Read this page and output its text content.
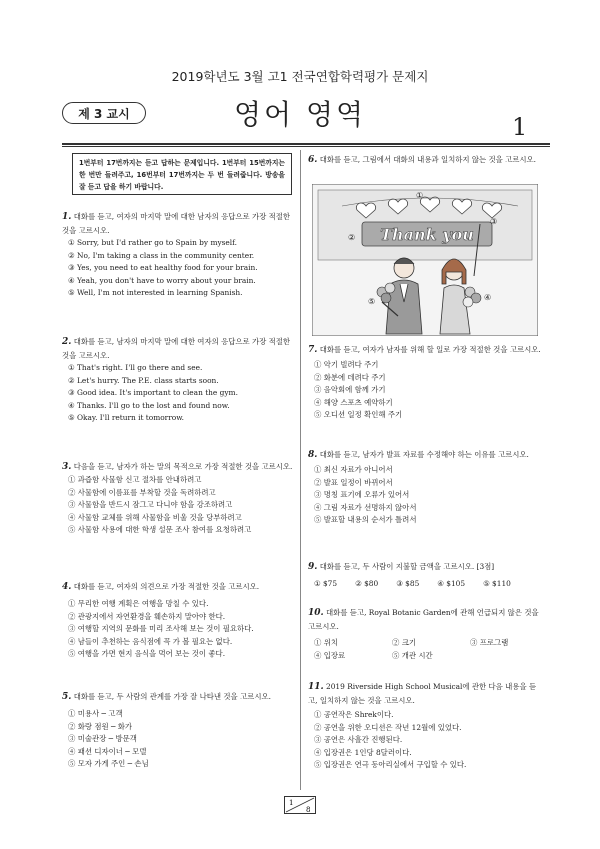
2019학년도 3월 고1 전국연합학력평가 문제지
제 3 교시	영어 영역	1
1번부터 17번까지는 듣고 답하는 문제입니다. 1번부터 15번까지는 한 번만 들려주고, 16번부터 17번까지는 두 번 들려줍니다. 방송을 잘 듣고 답을 하기 바랍니다.
1. 대화를 듣고, 여자의 마지막 말에 대한 남자의 응답으로 가장 적절한 것을 고르시오.
① Sorry, but I'd rather go to Spain by myself.
② No, I'm taking a class in the community center.
③ Yes, you need to eat healthy food for your brain.
④ Yeah, you don't have to worry about your brain.
⑤ Well, I'm not interested in learning Spanish.
2. 대화를 듣고, 남자의 마지막 말에 대한 여자의 응답으로 가장 적절한 것을 고르시오.
① That's right. I'll go there and see.
② Let's hurry. The P.E. class starts soon.
③ Good idea. It's important to clean the gym.
④ Thanks. I'll go to the lost and found now.
⑤ Okay. I'll return it tomorrow.
3. 다음을 듣고, 남자가 하는 말의 목적으로 가장 적절한 것을 고르시오.
① 과즙함 사물함 신고 절차를 안내하려고
② 사물함에 이름표를 부착할 것을 독려하려고
③ 사물함을 반드시 잠그고 다니야 함을 강조하려고
④ 사물함 교체를 위해 사물함을 비울 것을 당부하려고
⑤ 사물함 사용에 대한 학생 설문 조사 참여를 요청하려고
4. 대화를 듣고, 여자의 의견으로 가장 적절한 것을 고르시오.
① 무리한 여행 계획은 여행을 망칠 수 있다.
② 관광지에서 자연환경을 훼손하지 말아야 한다.
③ 여행할 지역의 문화를 미리 조사해 보는 것이 필요하다.
④ 남들이 추천하는 음식점에 꼭 가 볼 필요는 없다.
⑤ 여행을 가면 현지 음식을 먹어 보는 것이 좋다.
5. 대화를 듣고, 두 사람의 관계를 가장 잘 나타낸 것을 고르시오.
① 미용사 ─ 고객
② 화랑 점원 ─ 화가
③ 미술관장 ─ 방문객
④ 패션 디자이너 ─ 모델
⑤ 모자 가게 주인 ─ 손님
6. 대화를 듣고, 그림에서 대화의 내용과 일치하지 않는 것을 고르시오.
Thank you
①
②
③
④
⑤
7. 대화를 듣고, 여자가 남자를 위해 할 일로 가장 적절한 것을 고르시오.
① 악기 빌려다 주기
② 화분에 데려다 주기
③ 음악회에 함께 가기
④ 해양 스포츠 예약하기
⑤ 오디션 일정 확인해 주기
8. 대화를 듣고, 남자가 발표 자료를 수정해야 하는 이유를 고르시오.
① 최신 자료가 아니어서
② 발표 일정이 바뀌어서
③ 명칭 표기에 오류가 있어서
④ 그림 자료가 선명하지 않아서
⑤ 발표할 내용의 순서가 틀려서
9. 대화를 듣고, 두 사람이 지불할 금액을 고르시오. [3점]
① $75 ② $80 ③ $85 ④ $105 ⑤ $110
10. 대화를 듣고, Royal Botanic Garden에 관해 언급되지 않은 것을 고르시오.
① 위치	② 크기	③ 프로그램
④ 입장료	⑤ 개관 시간
11. 2019 Riverside High School Musical에 관한 다음 내용을 듣고, 일치하지 않는 것을 고르시오.
① 공연작은 Shrek이다.
② 공연을 위한 오디션은 작년 12월에 있었다.
③ 공연은 사흘간 진행된다.
④ 입장권은 1인당 8달러이다.
⑤ 입장권은 연극 동아리실에서 구입할 수 있다.
1
8
